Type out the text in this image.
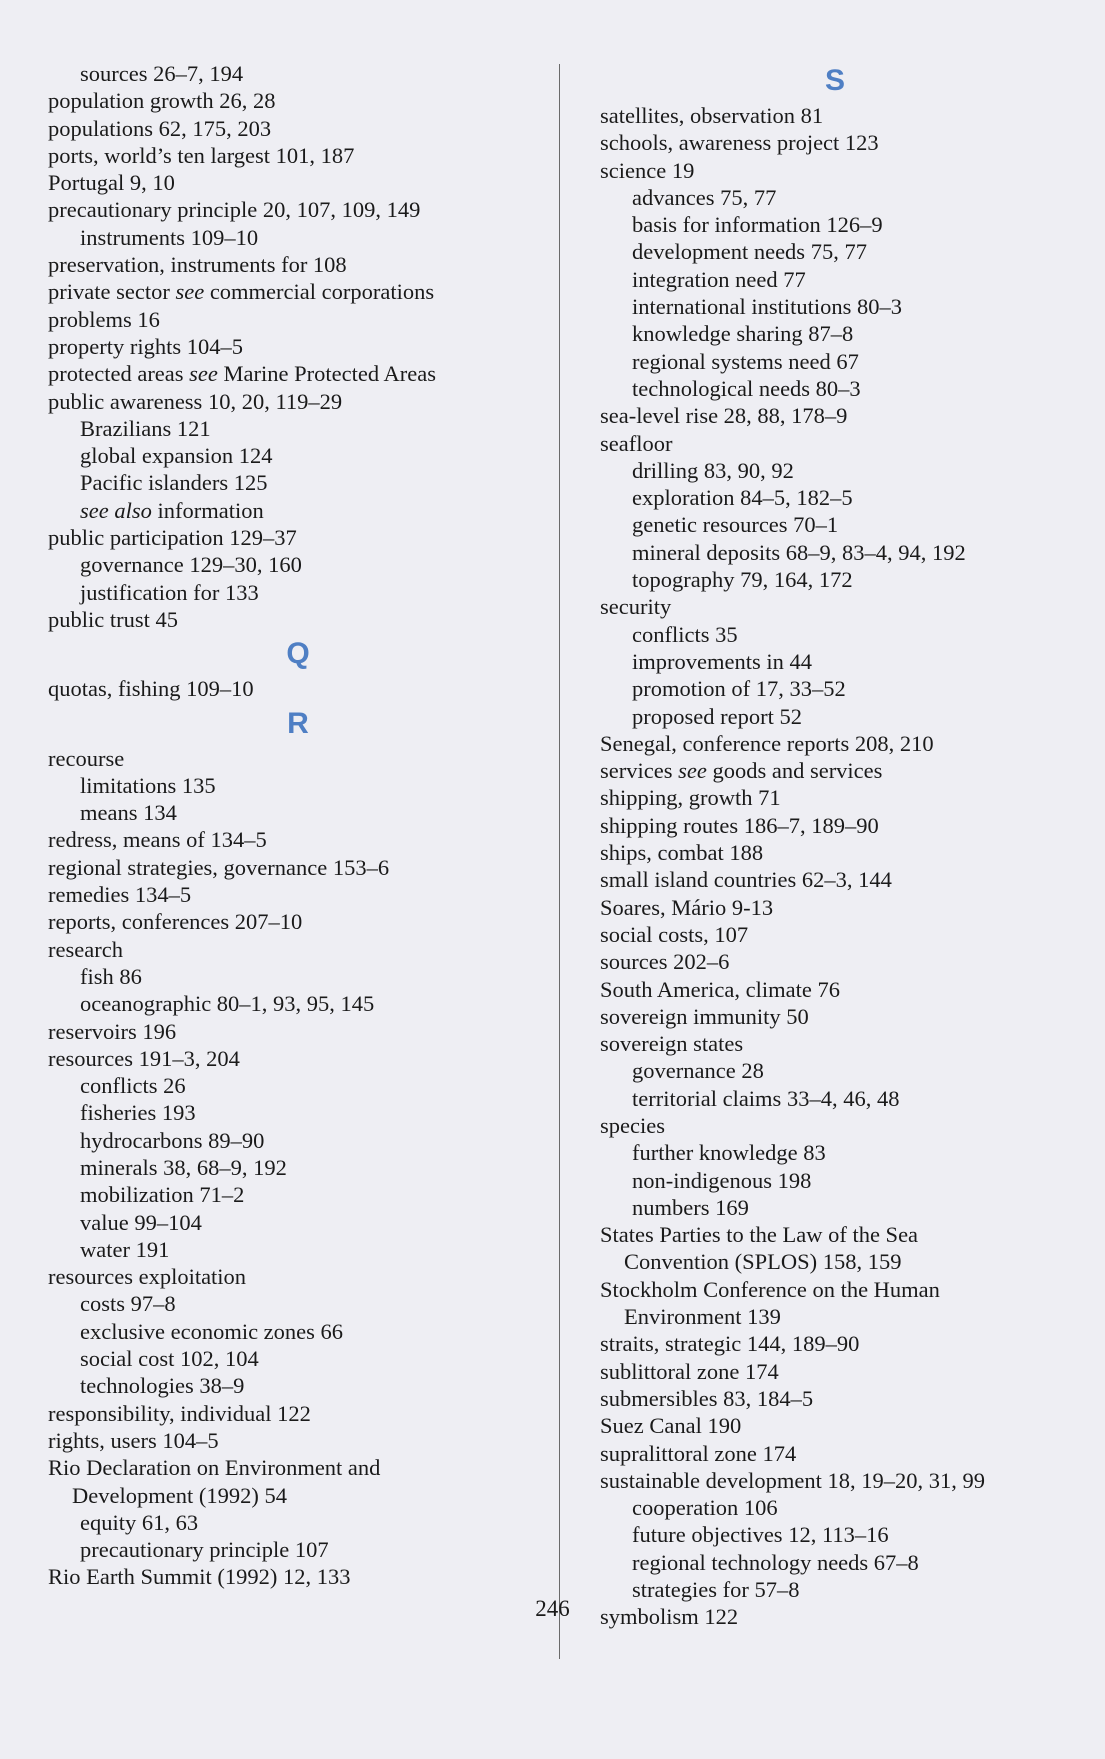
sources 26–7, 194
population growth 26, 28
populations 62, 175, 203
ports, world’s ten largest 101, 187
Portugal 9, 10
precautionary principle 20, 107, 109, 149
instruments 109–10
preservation, instruments for 108
private sector see commercial corporations
problems 16
property rights 104–5
protected areas see Marine Protected Areas
public awareness 10, 20, 119–29
Brazilians 121
global expansion 124
Pacific islanders 125
see also information
public participation 129–37
governance 129–30, 160
justification for 133
public trust 45
Q
quotas, fishing 109–10
R
recourse
limitations 135
means 134
redress, means of 134–5
regional strategies, governance 153–6
remedies 134–5
reports, conferences 207–10
research
fish 86
oceanographic 80–1, 93, 95, 145
reservoirs 196
resources 191–3, 204
conflicts 26
fisheries 193
hydrocarbons 89–90
minerals 38, 68–9, 192
mobilization 71–2
value 99–104
water 191
resources exploitation
costs 97–8
exclusive economic zones 66
social cost 102, 104
technologies 38–9
responsibility, individual 122
rights, users 104–5
Rio Declaration on Environment and
Development (1992) 54
equity 61, 63
precautionary principle 107
Rio Earth Summit (1992) 12, 133
S
satellites, observation 81
schools, awareness project 123
science 19
advances 75, 77
basis for information 126–9
development needs 75, 77
integration need 77
international institutions 80–3
knowledge sharing 87–8
regional systems need 67
technological needs 80–3
sea-level rise 28, 88, 178–9
seafloor
drilling 83, 90, 92
exploration 84–5, 182–5
genetic resources 70–1
mineral deposits 68–9, 83–4, 94, 192
topography 79, 164, 172
security
conflicts 35
improvements in 44
promotion of 17, 33–52
proposed report 52
Senegal, conference reports 208, 210
services see goods and services
shipping, growth 71
shipping routes 186–7, 189–90
ships, combat 188
small island countries 62–3, 144
Soares, Mário 9-13
social costs, 107
sources 202–6
South America, climate 76
sovereign immunity 50
sovereign states
governance 28
territorial claims 33–4, 46, 48
species
further knowledge 83
non-indigenous 198
numbers 169
States Parties to the Law of the Sea
Convention (SPLOS) 158, 159
Stockholm Conference on the Human
Environment 139
straits, strategic 144, 189–90
sublittoral zone 174
submersibles 83, 184–5
Suez Canal 190
supralittoral zone 174
sustainable development 18, 19–20, 31, 99
cooperation 106
future objectives 12, 113–16
regional technology needs 67–8
strategies for 57–8
symbolism 122
246
